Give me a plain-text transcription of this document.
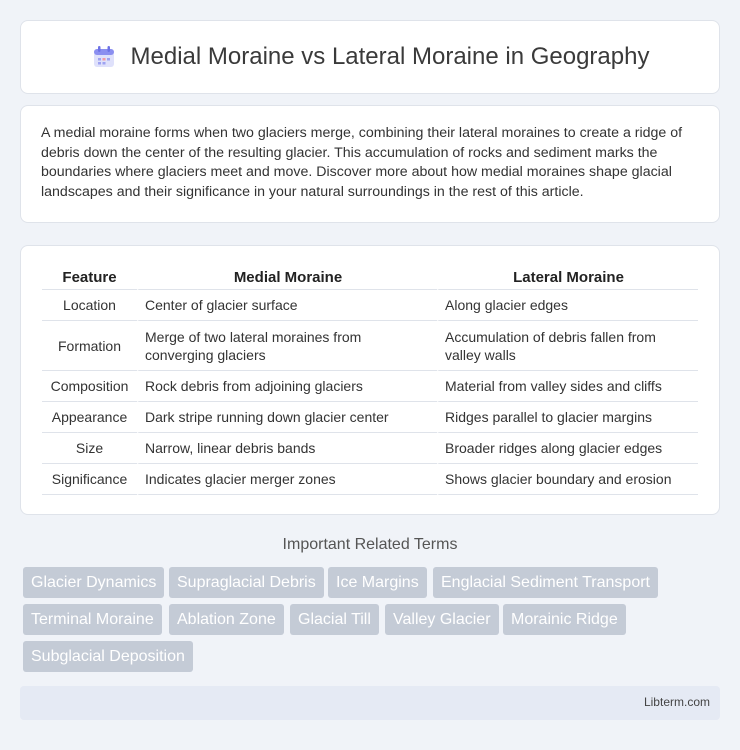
Medial Moraine vs Lateral Moraine in Geography

A medial moraine forms when two glaciers merge, combining their lateral moraines to create a ridge of debris down the center of the resulting glacier. This accumulation of rocks and sediment marks the boundaries where glaciers meet and move. Discover more about how medial moraines shape glacial landscapes and their significance in your natural surroundings in the rest of this article.

Feature	Medial Moraine	Lateral Moraine
Location	Center of glacier surface	Along glacier edges
Formation	Merge of two lateral moraines from converging glaciers	Accumulation of debris fallen from valley walls
Composition	Rock debris from adjoining glaciers	Material from valley sides and cliffs
Appearance	Dark stripe running down glacier center	Ridges parallel to glacier margins
Size	Narrow, linear debris bands	Broader ridges along glacier edges
Significance	Indicates glacier merger zones	Shows glacier boundary and erosion
Important Related Terms
Glacier Dynamics	Supraglacial Debris	Ice Margins	Englacial Sediment Transport
Terminal Moraine	Ablation Zone	Glacial Till	Valley Glacier	Morainic Ridge
Subglacial Deposition
Libterm.com
